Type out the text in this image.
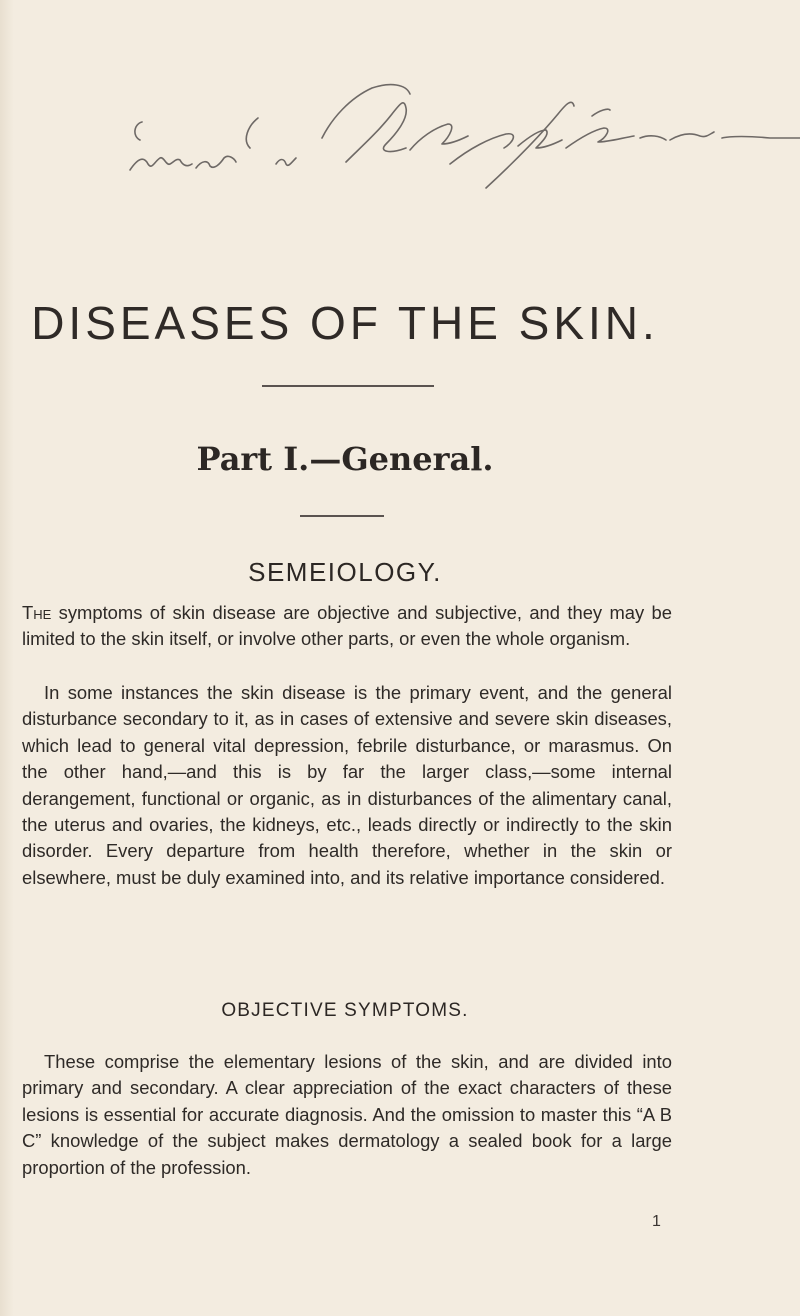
DISEASES OF THE SKIN.
Part I.—General.
SEMEIOLOGY.

The symptoms of skin disease are objective and subjective, and they may be limited to the skin itself, or involve other parts, or even the whole organism.

In some instances the skin disease is the primary event, and the general disturbance secondary to it, as in cases of extensive and severe skin diseases, which lead to general vital depression, febrile disturbance, or marasmus. On the other hand,—and this is by far the larger class,—some internal derangement, functional or organic, as in disturbances of the alimentary canal, the uterus and ovaries, the kidneys, etc., leads directly or indirectly to the skin disorder. Every departure from health therefore, whether in the skin or elsewhere, must be duly examined into, and its relative importance considered.

OBJECTIVE SYMPTOMS.

These comprise the elementary lesions of the skin, and are divided into primary and secondary. A clear appreciation of the exact characters of these lesions is essential for accurate diagnosis. And the omission to master this “A B C” knowledge of the subject makes dermatology a sealed book for a large proportion of the profession.

1
